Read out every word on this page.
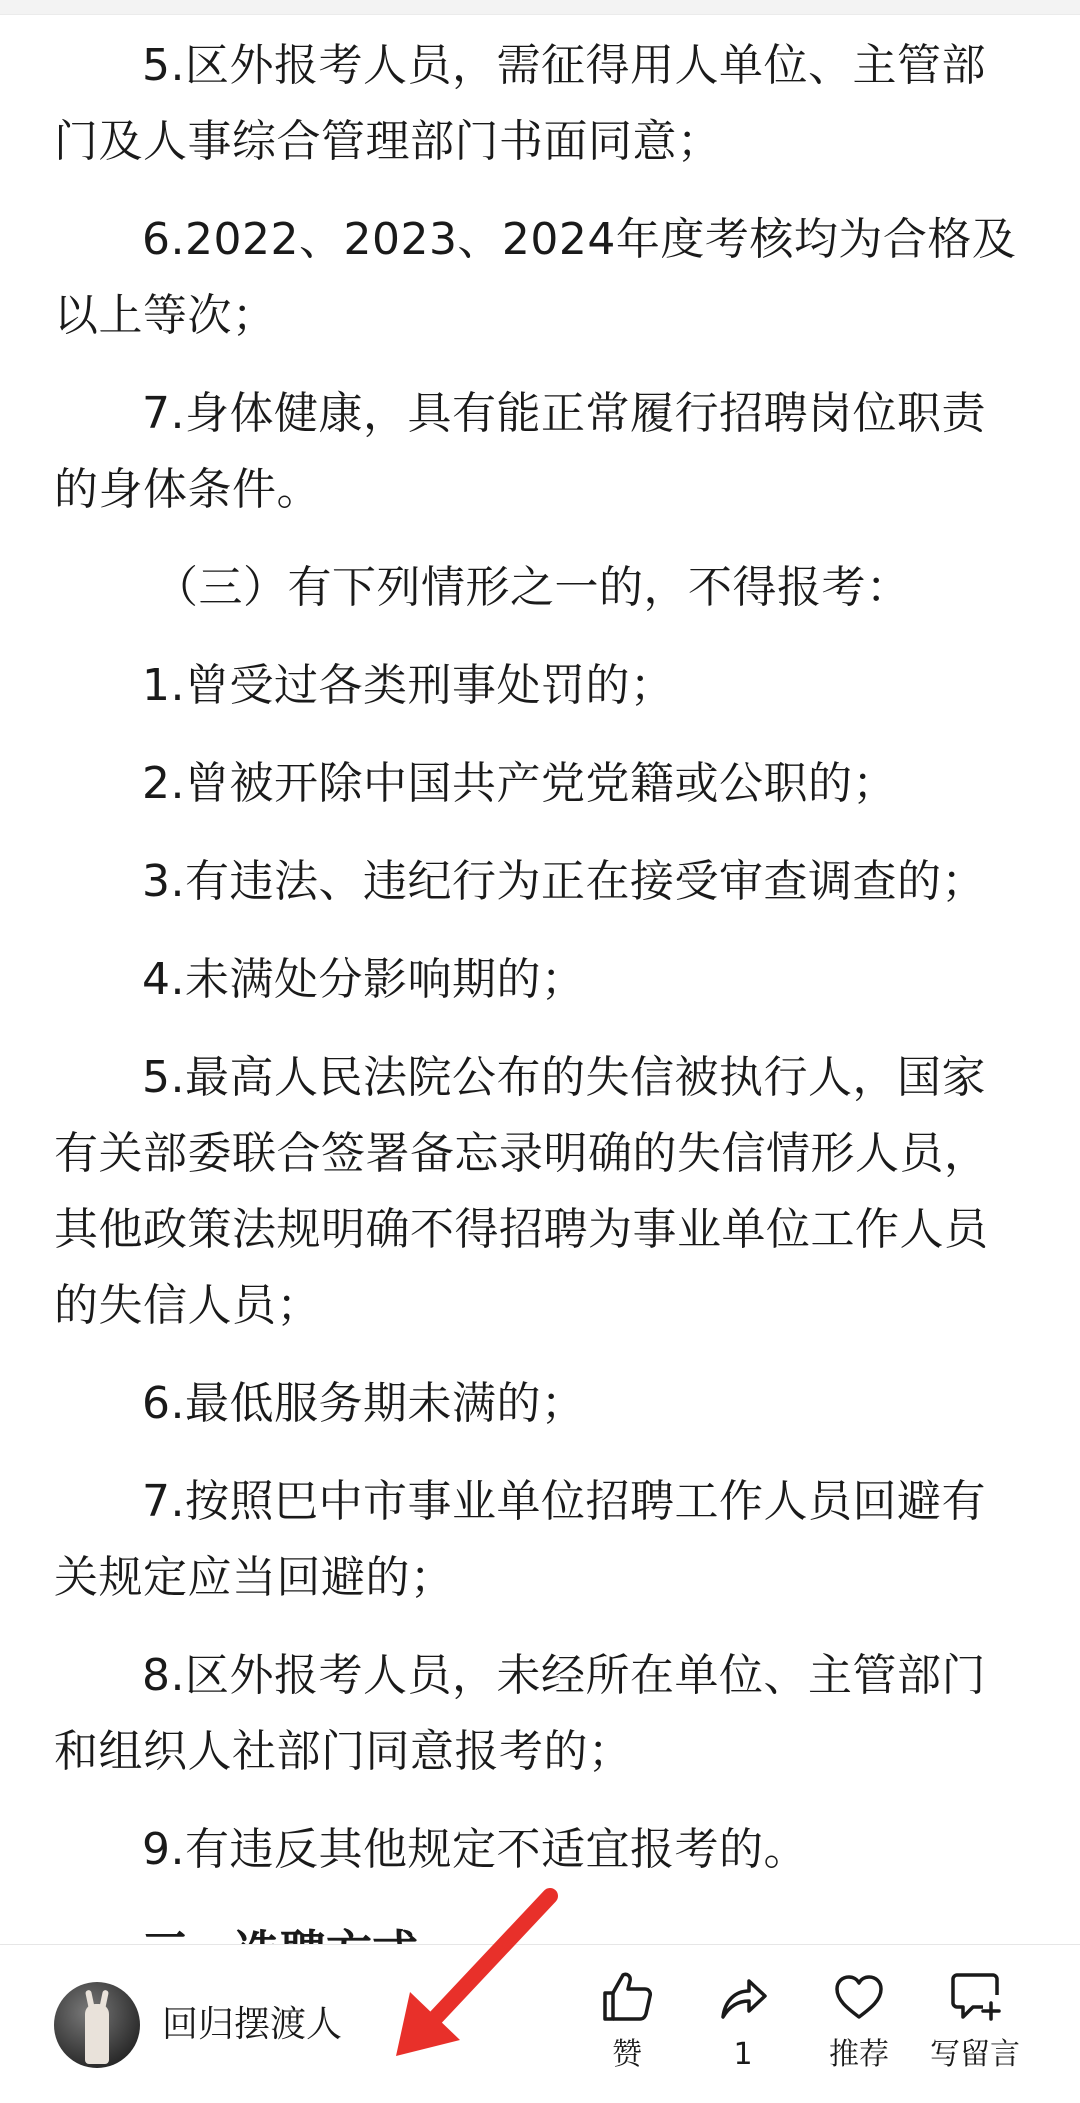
5.区外报考人员，需征得用人单位、主管部门及人事综合管理部门书面同意；

6.2022、2023、2024年度考核均为合格及以上等次；

7.身体健康，具有能正常履行招聘岗位职责的身体条件。

（三）有下列情形之一的，不得报考：

1.曾受过各类刑事处罚的；

2.曾被开除中国共产党党籍或公职的；

3.有违法、违纪行为正在接受审查调查的；

4.未满处分影响期的；

5.最高人民法院公布的失信被执行人，国家有关部委联合签署备忘录明确的失信情形人员，其他政策法规明确不得招聘为事业单位工作人员的失信人员；

6.最低服务期未满的；

7.按照巴中市事业单位招聘工作人员回避有关规定应当回避的；

8.区外报考人员，未经所在单位、主管部门和组织人社部门同意报考的；

9.有违反其他规定不适宜报考的。

回归摆渡人
赞	1	推荐	写留言
